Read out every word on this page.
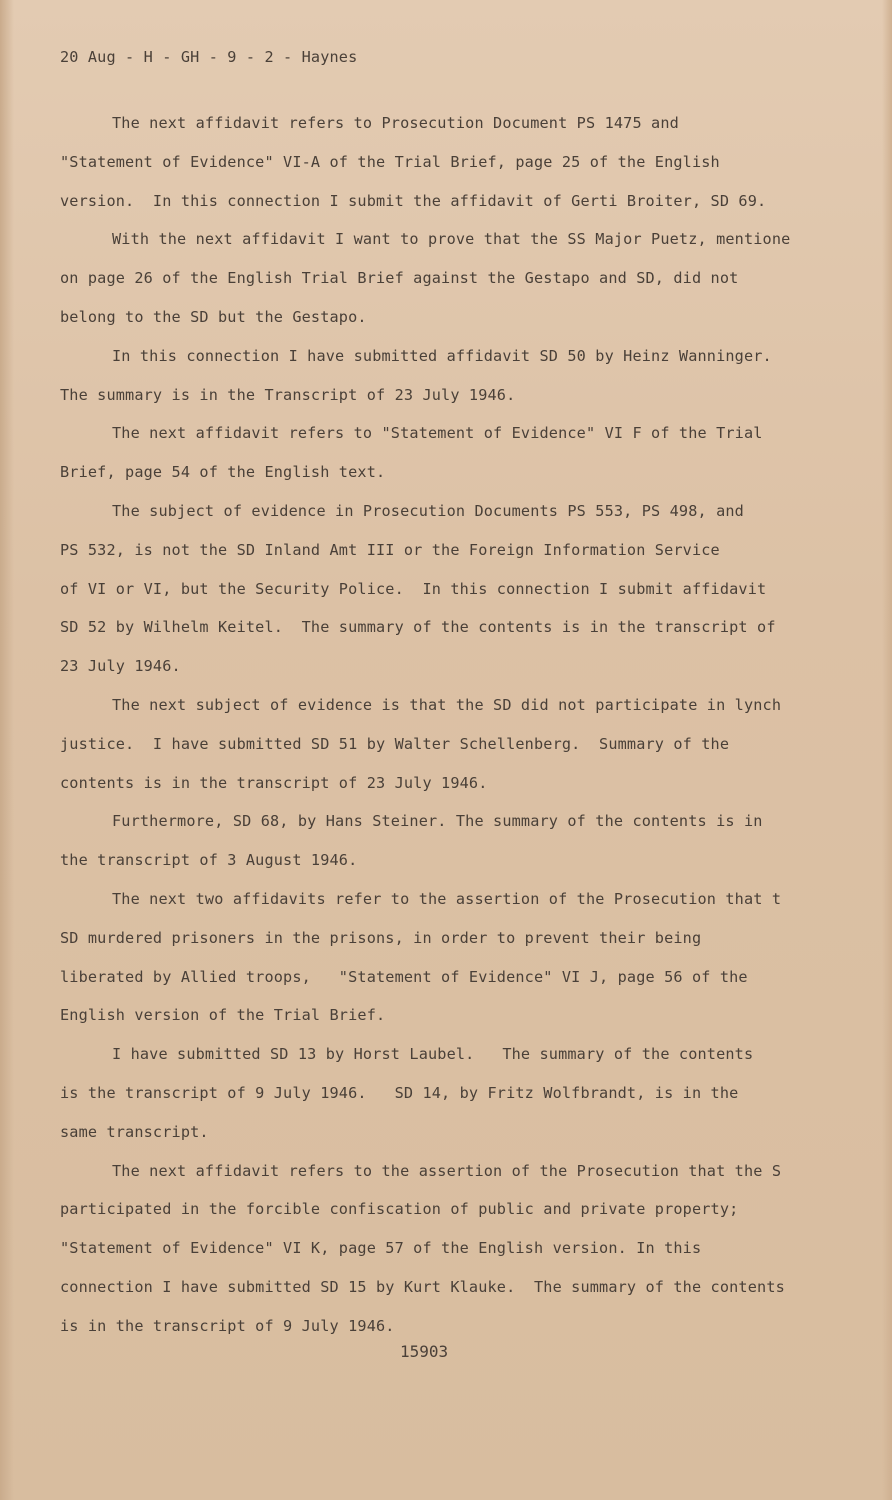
20 Aug - H - GH - 9 - 2 - Haynes
The next affidavit refers to Prosecution Document PS 1475 and
"Statement of Evidence" VI-A of the Trial Brief, page 25 of the English
version.  In this connection I submit the affidavit of Gerti Broiter, SD 69.
With the next affidavit I want to prove that the SS Major Puetz, mentione
on page 26 of the English Trial Brief against the Gestapo and SD, did not
belong to the SD but the Gestapo.
In this connection I have submitted affidavit SD 50 by Heinz Wanninger.
The summary is in the Transcript of 23 July 1946.
The next affidavit refers to "Statement of Evidence" VI F of the Trial
Brief, page 54 of the English text.
The subject of evidence in Prosecution Documents PS 553, PS 498, and
PS 532, is not the SD Inland Amt III or the Foreign Information Service
of VI or VI, but the Security Police.  In this connection I submit affidavit
SD 52 by Wilhelm Keitel.  The summary of the contents is in the transcript of
23 July 1946.
The next subject of evidence is that the SD did not participate in lynch
justice.  I have submitted SD 51 by Walter Schellenberg.  Summary of the
contents is in the transcript of 23 July 1946.
Furthermore, SD 68, by Hans Steiner. The summary of the contents is in
the transcript of 3 August 1946.
The next two affidavits refer to the assertion of the Prosecution that t
SD murdered prisoners in the prisons, in order to prevent their being
liberated by Allied troops,   "Statement of Evidence" VI J, page 56 of the
English version of the Trial Brief.
I have submitted SD 13 by Horst Laubel.   The summary of the contents
is the transcript of 9 July 1946.   SD 14, by Fritz Wolfbrandt, is in the
same transcript.
The next affidavit refers to the assertion of the Prosecution that the S
participated in the forcible confiscation of public and private property;
"Statement of Evidence" VI K, page 57 of the English version. In this
connection I have submitted SD 15 by Kurt Klauke.  The summary of the contents
is in the transcript of 9 July 1946.
15903
